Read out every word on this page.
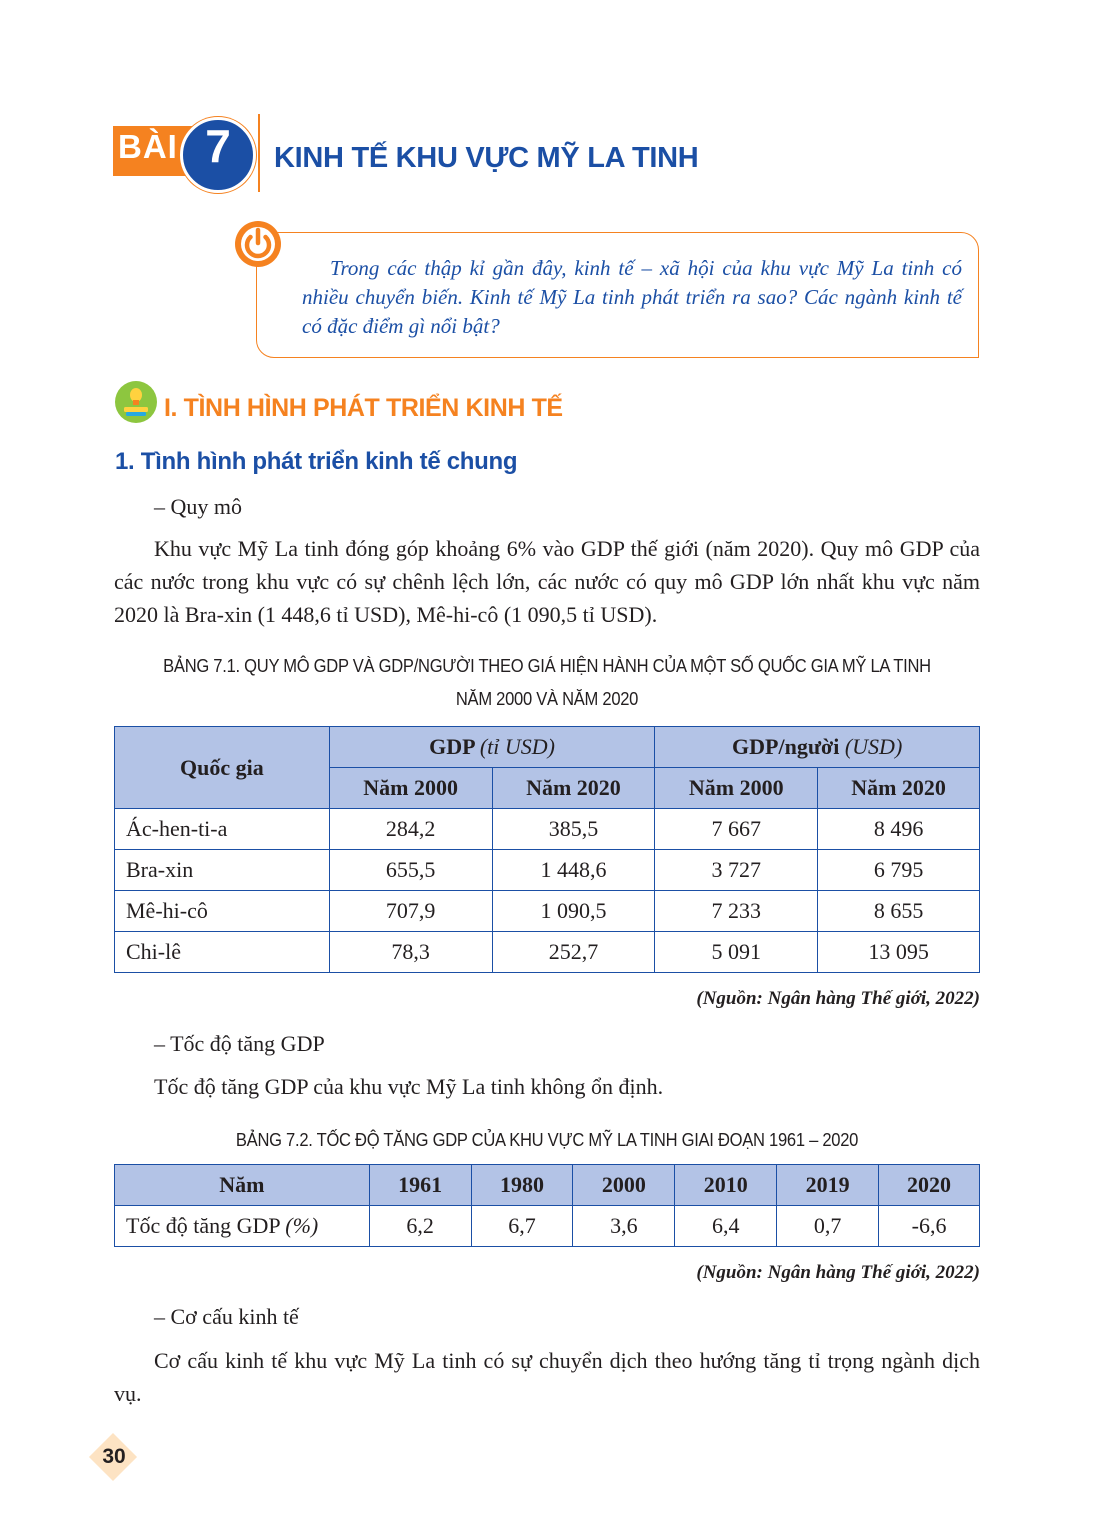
BÀI 7	KINH TẾ KHU VỰC MỸ LA TINH
Trong các thập kỉ gần đây, kinh tế – xã hội của khu vực Mỹ La tinh có nhiều chuyển biến. Kinh tế Mỹ La tinh phát triển ra sao? Các ngành kinh tế có đặc điểm gì nổi bật?
I. TÌNH HÌNH PHÁT TRIỂN KINH TẾ
1. Tình hình phát triển kinh tế chung
– Quy mô
Khu vực Mỹ La tinh đóng góp khoảng 6% vào GDP thế giới (năm 2020). Quy mô GDP của các nước trong khu vực có sự chênh lệch lớn, các nước có quy mô GDP lớn nhất khu vực năm 2020 là Bra-xin (1 448,6 tỉ USD), Mê-hi-cô (1 090,5 tỉ USD).
BẢNG 7.1. QUY MÔ GDP VÀ GDP/NGƯỜI THEO GIÁ HIỆN HÀNH CỦA MỘT SỐ QUỐC GIA MỸ LA TINH
NĂM 2000 VÀ NĂM 2020
Quốc gia	GDP (tỉ USD)		GDP/người (USD)	
	Năm 2000	Năm 2020	Năm 2000	Năm 2020
Ác-hen-ti-a	284,2	385,5	7 667	8 496
Bra-xin	655,5	1 448,6	3 727	6 795
Mê-hi-cô	707,9	1 090,5	7 233	8 655
Chi-lê	78,3	252,7	5 091	13 095
(Nguồn: Ngân hàng Thế giới, 2022)
– Tốc độ tăng GDP
Tốc độ tăng GDP của khu vực Mỹ La tinh không ổn định.
BẢNG 7.2. TỐC ĐỘ TĂNG GDP CỦA KHU VỰC MỸ LA TINH GIAI ĐOẠN 1961 – 2020
Năm	1961	1980	2000	2010	2019	2020
Tốc độ tăng GDP (%)	6,2	6,7	3,6	6,4	0,7	-6,6
(Nguồn: Ngân hàng Thế giới, 2022)
– Cơ cấu kinh tế
Cơ cấu kinh tế khu vực Mỹ La tinh có sự chuyển dịch theo hướng tăng tỉ trọng ngành dịch vụ.
30
